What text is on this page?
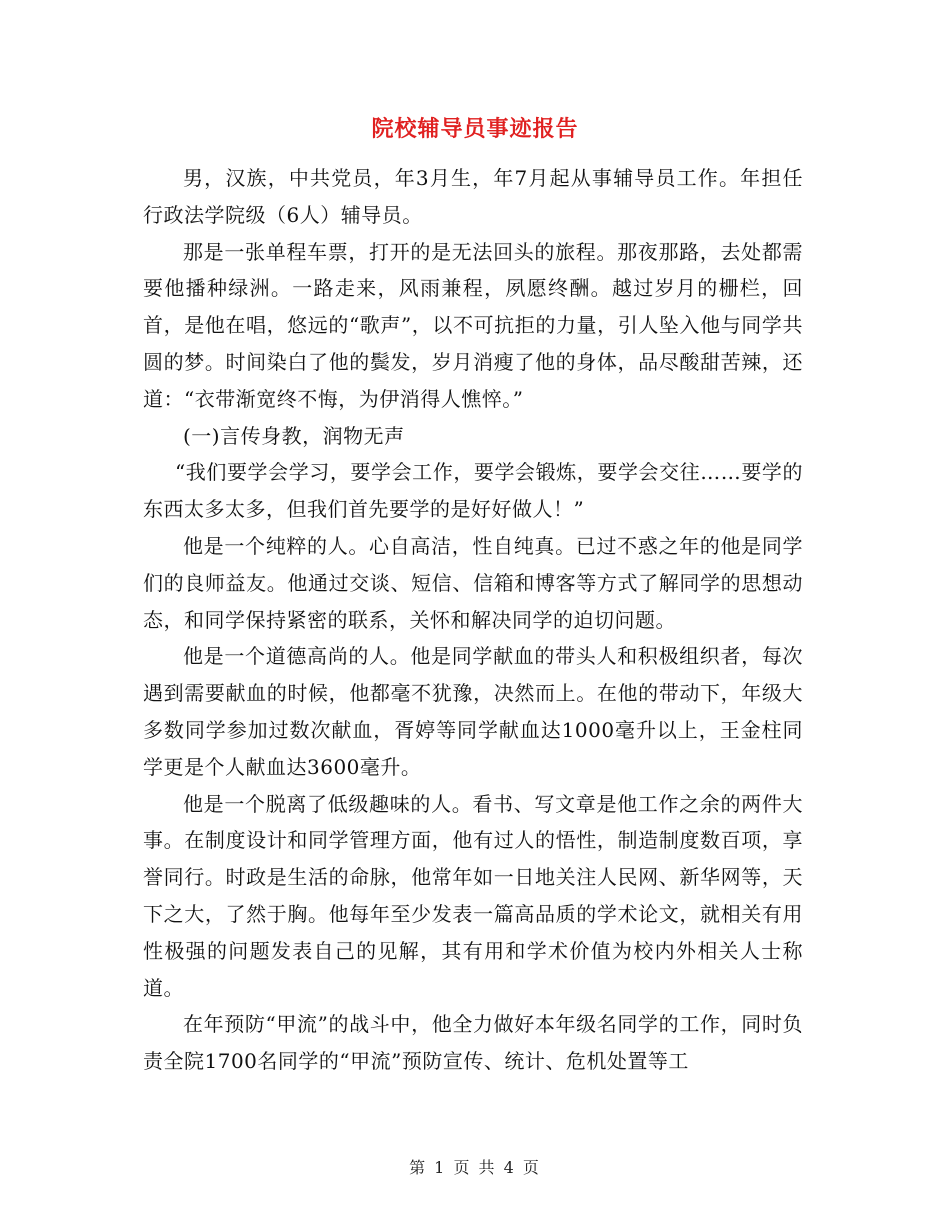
院校辅导员事迹报告

男，汉族，中共党员，年3月生，年7月起从事辅导员工作。年担任行政法学院级（6人）辅导员。

那是一张单程车票，打开的是无法回头的旅程。那夜那路，去处都需要他播种绿洲。一路走来，风雨兼程，夙愿终酬。越过岁月的栅栏，回首，是他在唱，悠远的“歌声”，以不可抗拒的力量，引人坠入他与同学共圆的梦。时间染白了他的鬓发，岁月消瘦了他的身体，品尽酸甜苦辣，还道：“衣带渐宽终不悔，为伊消得人憔悴。”

(一)言传身教，润物无声

“我们要学会学习，要学会工作，要学会锻炼，要学会交往……要学的东西太多太多，但我们首先要学的是好好做人！”

他是一个纯粹的人。心自高洁，性自纯真。已过不惑之年的他是同学们的良师益友。他通过交谈、短信、信箱和博客等方式了解同学的思想动态，和同学保持紧密的联系，关怀和解决同学的迫切问题。

他是一个道德高尚的人。他是同学献血的带头人和积极组织者，每次遇到需要献血的时候，他都毫不犹豫，决然而上。在他的带动下，年级大多数同学参加过数次献血，胥婷等同学献血达1000毫升以上，王金柱同学更是个人献血达3600毫升。

他是一个脱离了低级趣味的人。看书、写文章是他工作之余的两件大事。在制度设计和同学管理方面，他有过人的悟性，制造制度数百项，享誉同行。时政是生活的命脉，他常年如一日地关注人民网、新华网等，天下之大，了然于胸。他每年至少发表一篇高品质的学术论文，就相关有用性极强的问题发表自己的见解，其有用和学术价值为校内外相关人士称道。

在年预防“甲流”的战斗中，他全力做好本年级名同学的工作，同时负责全院1700名同学的“甲流”预防宣传、统计、危机处置等工

第 1 页 共 4 页
